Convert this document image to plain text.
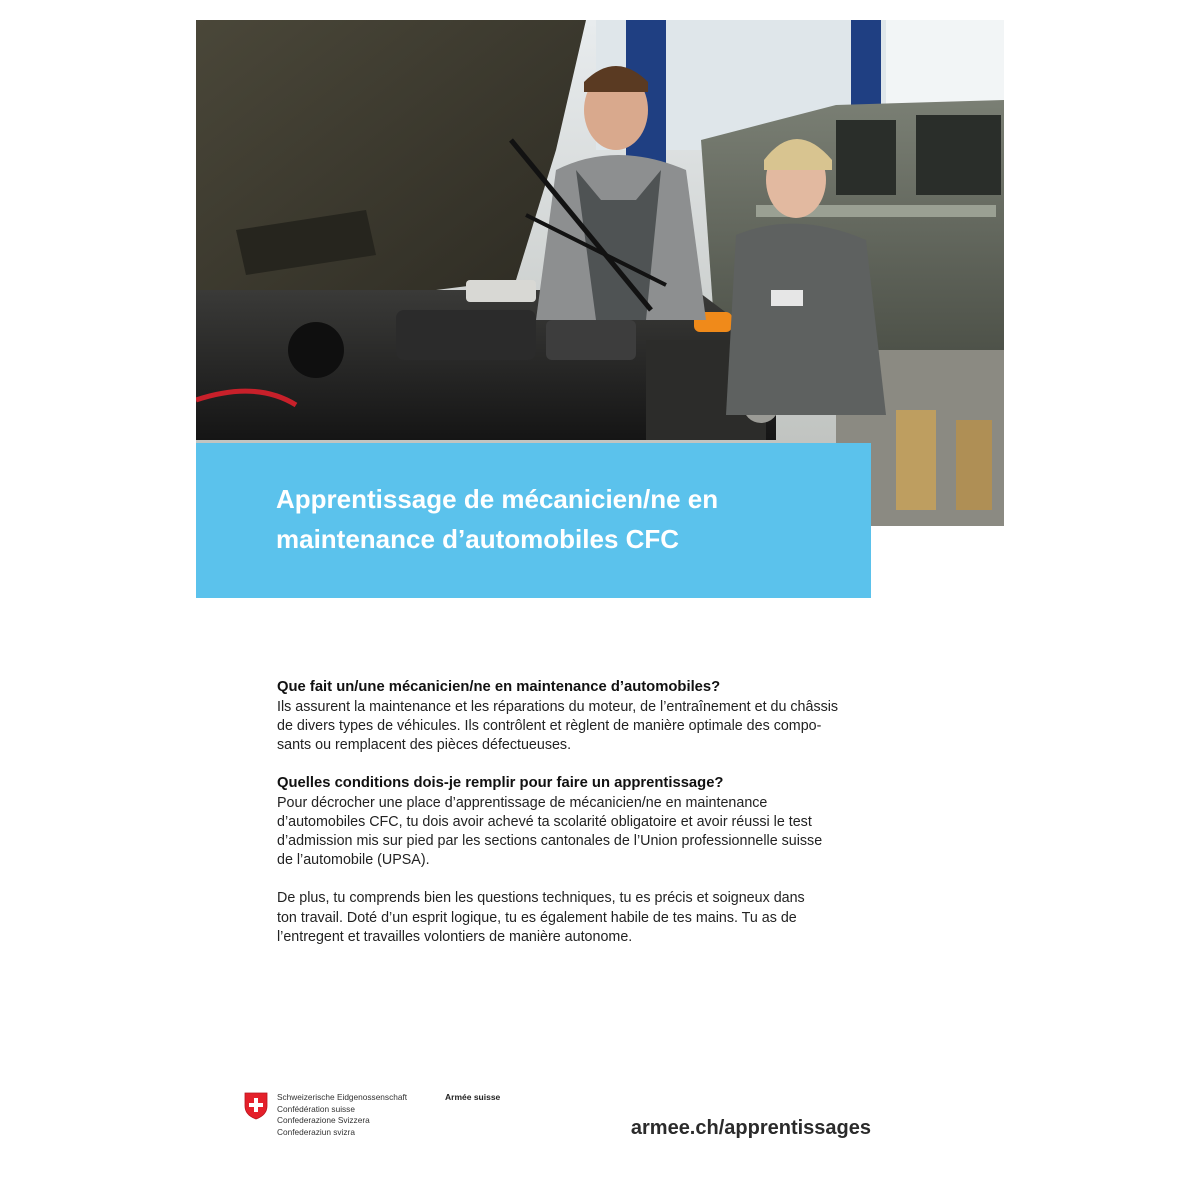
Apprentissage de mécanicien/ne en
maintenance d’automobiles CFC
Que fait un/une mécanicien/ne en maintenance d’automobiles?

Ils assurent la maintenance et les réparations du moteur, de l’entraînement et du châssis
de divers types de véhicules. Ils contrôlent et règlent de manière optimale des compo-
sants ou remplacent des pièces défectueuses.

Quelles conditions dois-je remplir pour faire un apprentissage?

Pour décrocher une place d’apprentissage de mécanicien/ne en maintenance
d’automobiles CFC, tu dois avoir achevé ta scolarité obligatoire et avoir réussi le test
d’admission mis sur pied par les sections cantonales de l’Union professionnelle suisse
de l’automobile (UPSA).

De plus, tu comprends bien les questions techniques, tu es précis et soigneux dans
ton travail. Doté d’un esprit logique, tu es également habile de tes mains. Tu as de
l’entregent et travailles volontiers de manière autonome.

Schweizerische Eidgenossenschaft
Confédération suisse
Confederazione Svizzera
Confederaziun svizra
Armée suisse
armee.ch/apprentissages
